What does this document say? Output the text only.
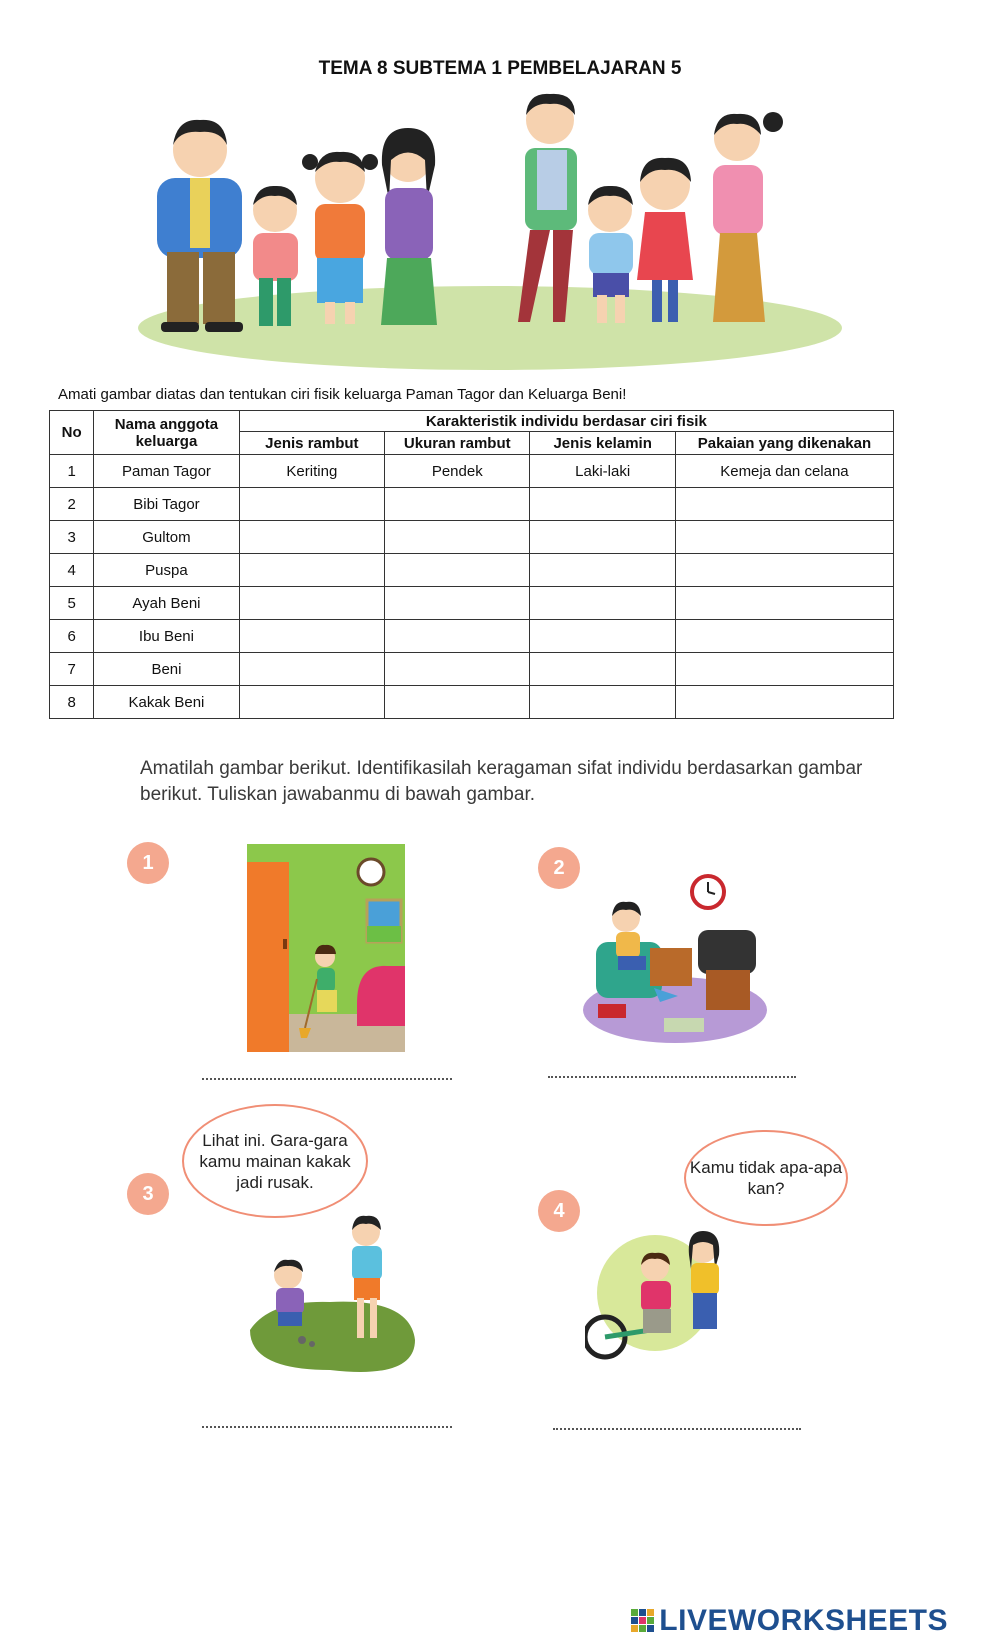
TEMA 8 SUBTEMA 1 PEMBELAJARAN 5
Amati gambar diatas dan tentukan ciri fisik keluarga Paman Tagor dan Keluarga Beni!
No	Nama anggota keluarga	Karakteristik individu berdasar ciri fisik			
		Jenis rambut	Ukuran rambut	Jenis kelamin	Pakaian yang dikenakan
1	Paman Tagor	Keriting	Pendek	Laki-laki	Kemeja dan celana
2	Bibi Tagor				
3	Gultom				
4	Puspa				
5	Ayah Beni				
6	Ibu Beni				
7	Beni				
8	Kakak Beni				
Amatilah gambar berikut. Identifikasilah keragaman sifat individu berdasarkan gambar berikut. Tuliskan jawabanmu di bawah gambar.
1	2
3
4
Lihat ini. Gara-gara kamu mainan kakak jadi rusak.
Kamu tidak apa-apa kan?
LIVEWORKSHEETS
